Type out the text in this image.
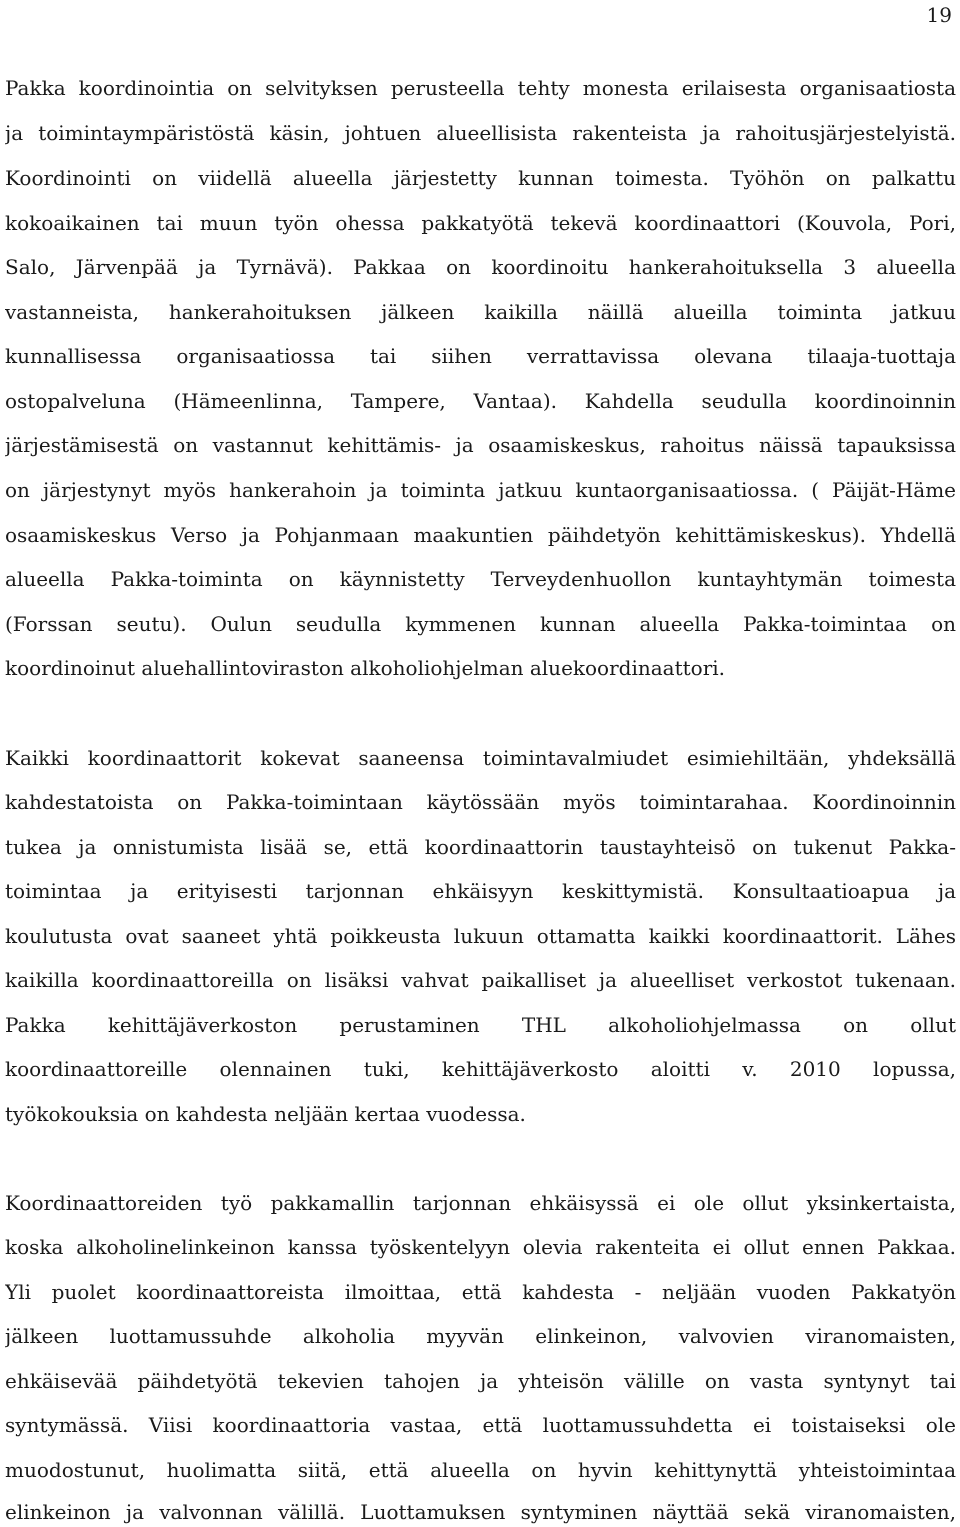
19
Pakka koordinointia on selvityksen perusteella tehty monesta erilaisesta organisaatiosta
ja toimintaympäristöstä käsin, johtuen alueellisista rakenteista ja rahoitusjärjestelyistä.
Koordinointi on viidellä alueella järjestetty kunnan toimesta. Työhön on palkattu
kokoaikainen tai muun työn ohessa pakkatyötä tekevä koordinaattori (Kouvola, Pori,
Salo, Järvenpää ja Tyrnävä). Pakkaa on koordinoitu hankerahoituksella 3 alueella
vastanneista, hankerahoituksen jälkeen kaikilla näillä alueilla toiminta jatkuu
kunnallisessa organisaatiossa tai siihen verrattavissa olevana tilaaja-tuottaja
ostopalveluna (Hämeenlinna, Tampere, Vantaa). Kahdella seudulla koordinoinnin
järjestämisestä on vastannut kehittämis- ja osaamiskeskus, rahoitus näissä tapauksissa
on järjestynyt myös hankerahoin ja toiminta jatkuu kuntaorganisaatiossa. ( Päijät-Häme
osaamiskeskus Verso ja Pohjanmaan maakuntien päihdetyön kehittämiskeskus). Yhdellä
alueella Pakka-toiminta on käynnistetty Terveydenhuollon kuntayhtymän toimesta
(Forssan seutu). Oulun seudulla kymmenen kunnan alueella Pakka-toimintaa on
koordinoinut aluehallintoviraston alkoholiohjelman aluekoordinaattori.
Kaikki koordinaattorit kokevat saaneensa toimintavalmiudet esimiehiltään, yhdeksällä
kahdestatoista on Pakka-toimintaan käytössään myös toimintarahaa. Koordinoinnin
tukea ja onnistumista lisää se, että koordinaattorin taustayhteisö on tukenut Pakka-
toimintaa ja erityisesti tarjonnan ehkäisyyn keskittymistä. Konsultaatioapua ja
koulutusta ovat saaneet yhtä poikkeusta lukuun ottamatta kaikki koordinaattorit. Lähes
kaikilla koordinaattoreilla on lisäksi vahvat paikalliset ja alueelliset verkostot tukenaan.
Pakka kehittäjäverkoston perustaminen THL alkoholiohjelmassa on ollut
koordinaattoreille olennainen tuki, kehittäjäverkosto aloitti v. 2010 lopussa,
työkokouksia on kahdesta neljään kertaa vuodessa.
Koordinaattoreiden työ pakkamallin tarjonnan ehkäisyssä ei ole ollut yksinkertaista,
koska alkoholinelinkeinon kanssa työskentelyyn olevia rakenteita ei ollut ennen Pakkaa.
Yli puolet koordinaattoreista ilmoittaa, että kahdesta - neljään vuoden Pakkatyön
jälkeen luottamussuhde alkoholia myyvän elinkeinon, valvovien viranomaisten,
ehkäisevää päihdetyötä tekevien tahojen ja yhteisön välille on vasta syntynyt tai
syntymässä. Viisi koordinaattoria vastaa, että luottamussuhdetta ei toistaiseksi ole
muodostunut, huolimatta siitä, että alueella on hyvin kehittynyttä yhteistoimintaa
elinkeinon ja valvonnan välillä. Luottamuksen syntyminen näyttää sekä viranomaisten,
